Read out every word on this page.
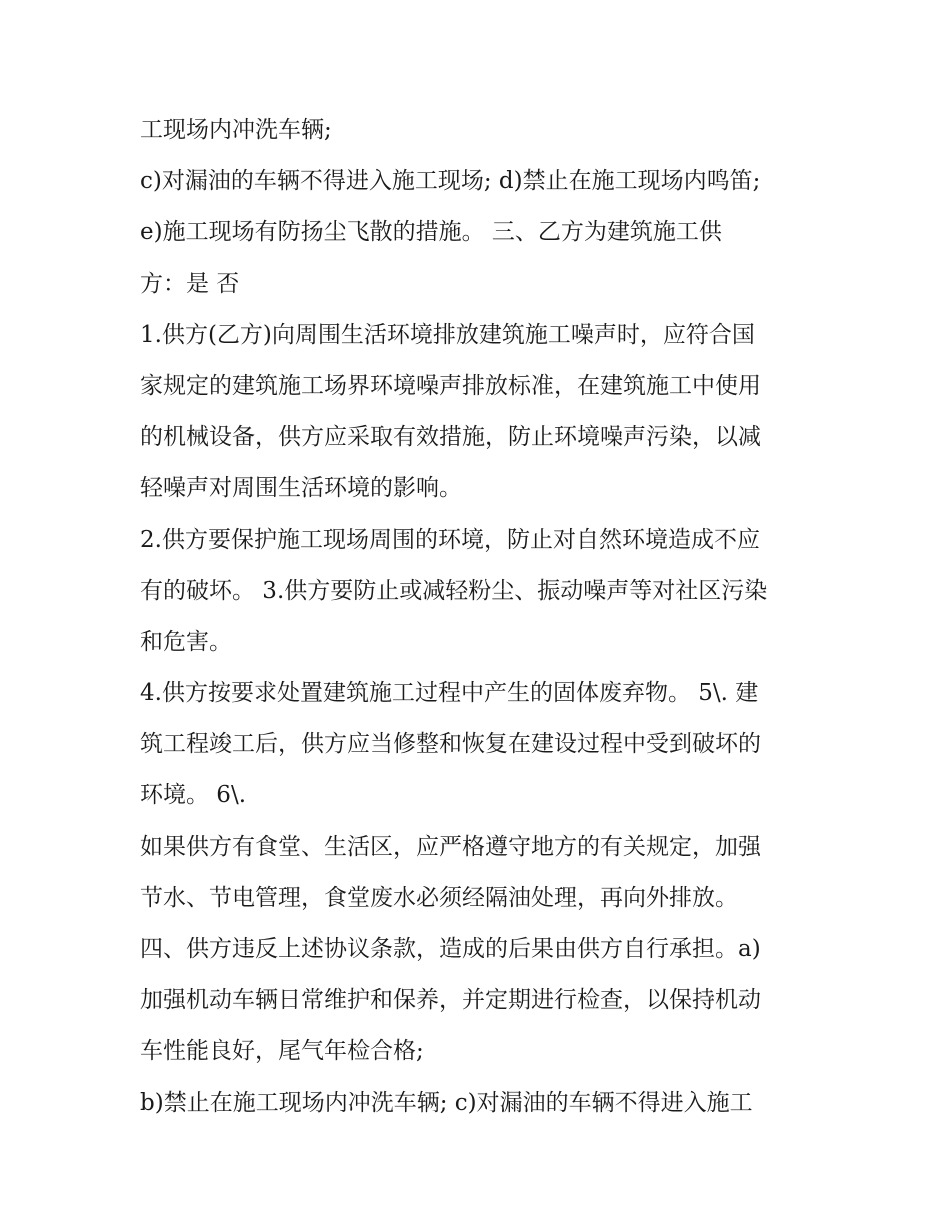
工现场内冲洗车辆;
c)对漏油的车辆不得进入施工现场; d)禁止在施工现场内鸣笛;
e)施工现场有防扬尘飞散的措施。 三、乙方为建筑施工供
方：是 否
1.供方(乙方)向周围生活环境排放建筑施工噪声时，应符合国
家规定的建筑施工场界环境噪声排放标准，在建筑施工中使用
的机械设备，供方应采取有效措施，防止环境噪声污染，以减
轻噪声对周围生活环境的影响。
2.供方要保护施工现场周围的环境，防止对自然环境造成不应
有的破坏。 3.供方要防止或减轻粉尘、振动噪声等对社区污染
和危害。
4.供方按要求处置建筑施工过程中产生的固体废弃物。 5\. 建
筑工程竣工后，供方应当修整和恢复在建设过程中受到破坏的
环境。 6\.
如果供方有食堂、生活区，应严格遵守地方的有关规定，加强
节水、节电管理，食堂废水必须经隔油处理，再向外排放。
四、供方违反上述协议条款，造成的后果由供方自行承担。a)
加强机动车辆日常维护和保养，并定期进行检查，以保持机动
车性能良好，尾气年检合格;
b)禁止在施工现场内冲洗车辆; c)对漏油的车辆不得进入施工
